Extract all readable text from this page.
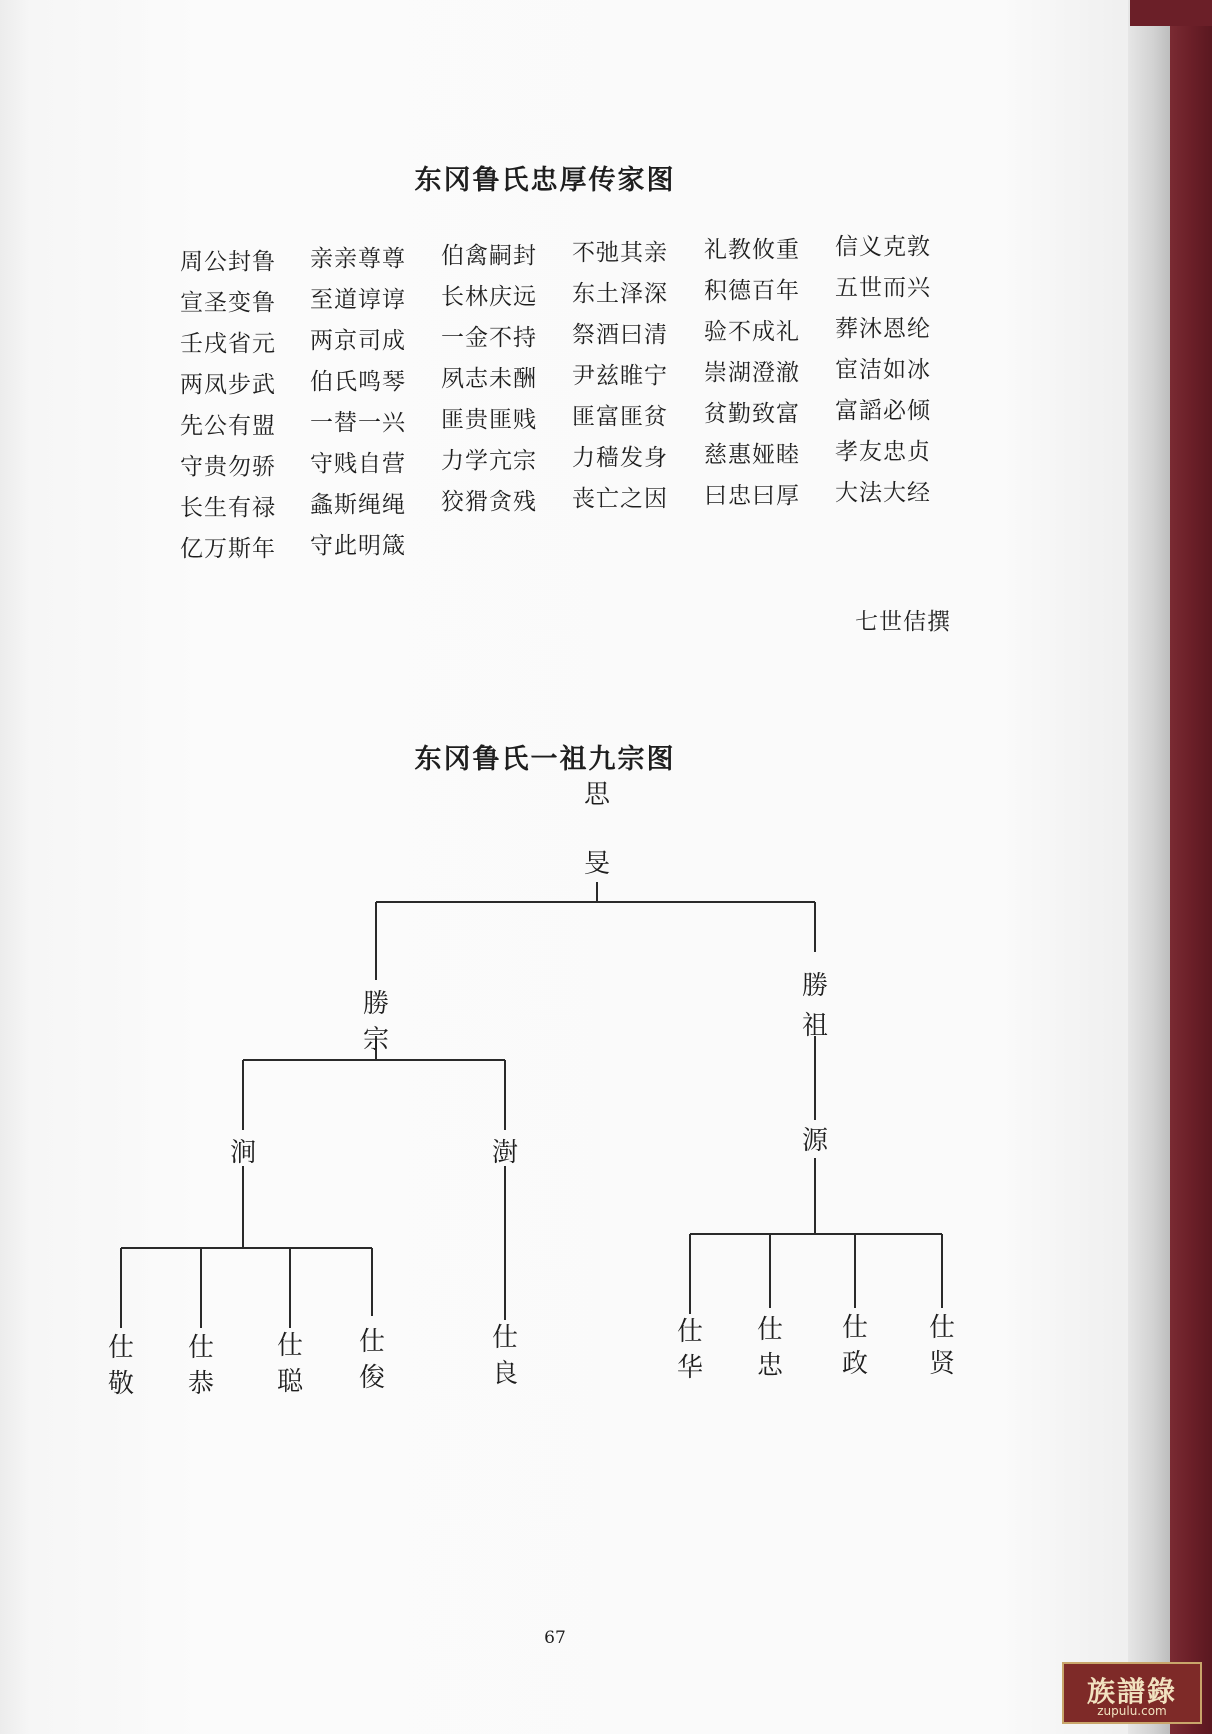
东冈鲁氏忠厚传家图
周公封鲁 亲亲尊尊 伯禽嗣封 不弛其亲 礼教攸重 信义克敦
宣圣变鲁 至道谆谆 长林庆远 东土泽深 积德百年 五世而兴
壬戌省元 两京司成 一金不持 祭酒曰清 验不成礼 葬沐恩纶
两凤步武 伯氏鸣琴 夙志未酬 尹兹睢宁 崇湖澄澈 宦洁如冰
先公有盟 一替一兴 匪贵匪贱 匪富匪贫 贫勤致富 富謟必倾
守贵勿骄 守贱自营 力学亢宗 力穑发身 慈惠娅睦 孝友忠贞
长生有禄 螽斯绳绳 狡猾贪残 丧亡之因 曰忠曰厚 大法大经
亿万斯年 守此明箴
七世佶撰
东冈鲁氏一祖九宗图
思
旻
勝
宗
勝
祖
涧	澍	源
仕
敬
仕
恭
仕
聪
仕
俊
仕
良
仕
华
仕
忠
仕
政
仕
贤
67
族譜錄
zupulu.com
